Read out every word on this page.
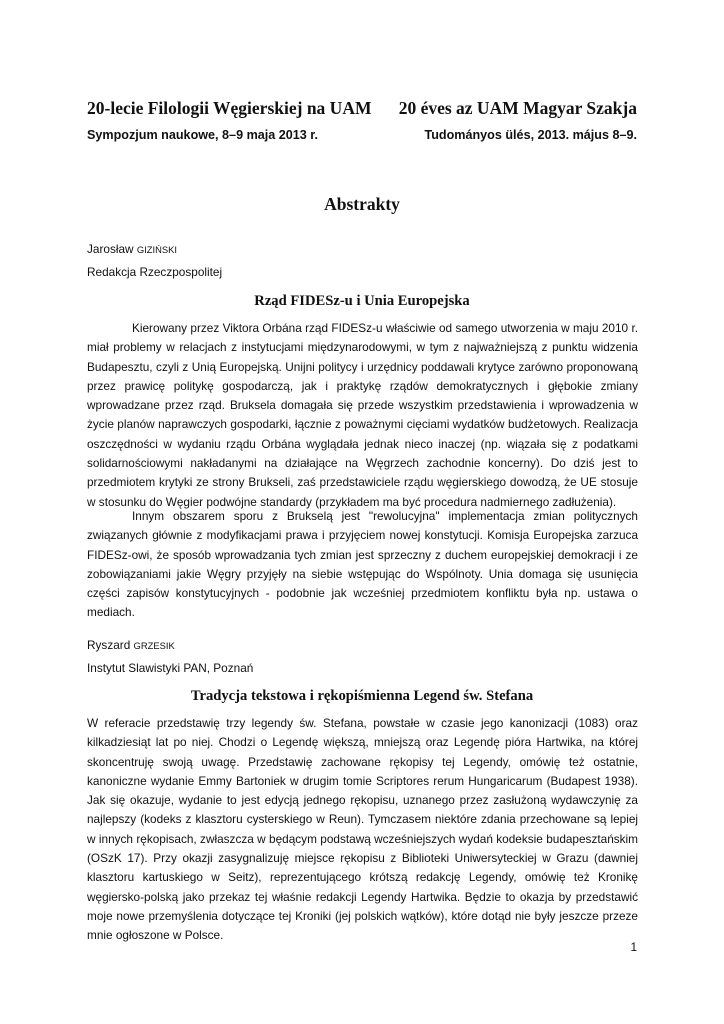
20-lecie Filologii Węgierskiej na UAM 20 éves az UAM Magyar Szakja
Sympozjum naukowe, 8–9 maja 2013 r.	Tudományos ülés, 2013. május 8–9.
Abstrakty
Jarosław GIZIŃSKI
Redakcja Rzeczpospolitej
Rząd FIDESz-u i Unia Europejska

Kierowany przez Viktora Orbána rząd FIDESz-u właściwie od samego utworzenia w maju 2010 r. miał problemy w relacjach z instytucjami międzynarodowymi, w tym z najważniejszą z punktu widzenia Budapesztu, czyli z Unią Europejską. Unijni politycy i urzędnicy poddawali krytyce zarówno proponowaną przez prawicę politykę gospodarczą, jak i praktykę rządów demokratycznych i głębokie zmiany wprowadzane przez rząd. Bruksela domagała się przede wszystkim przedstawienia i wprowadzenia w życie planów naprawczych gospodarki, łącznie z poważnymi cięciami wydatków budżetowych. Realizacja oszczędności w wydaniu rządu Orbána wyglądała jednak nieco inaczej (np. wiązała się z podatkami solidarnościowymi nakładanymi na działające na Węgrzech zachodnie koncerny). Do dziś jest to przedmiotem krytyki ze strony Brukseli, zaś przedstawiciele rządu węgierskiego dowodzą, że UE stosuje w stosunku do Węgier podwójne standardy (przykładem ma być procedura nadmiernego zadłużenia).

Innym obszarem sporu z Brukselą jest "rewolucyjna" implementacja zmian politycznych związanych głównie z modyfikacjami prawa i przyjęciem nowej konstytucji. Komisja Europejska zarzuca FIDESz-owi, że sposób wprowadzania tych zmian jest sprzeczny z duchem europejskiej demokracji i ze zobowiązaniami jakie Węgry przyjęły na siebie wstępując do Wspólnoty. Unia domaga się usunięcia części zapisów konstytucyjnych - podobnie jak wcześniej przedmiotem konfliktu była np. ustawa o mediach.

Ryszard GRZESIK
Instytut Slawistyki PAN, Poznań
Tradycja tekstowa i rękopiśmienna Legend św. Stefana

W referacie przedstawię trzy legendy św. Stefana, powstałe w czasie jego kanonizacji (1083) oraz kilkadziesiąt lat po niej. Chodzi o Legendę większą, mniejszą oraz Legendę pióra Hartwika, na której skoncentruję swoją uwagę. Przedstawię zachowane rękopisy tej Legendy, omówię też ostatnie, kanoniczne wydanie Emmy Bartoniek w drugim tomie Scriptores rerum Hungaricarum (Budapest 1938). Jak się okazuje, wydanie to jest edycją jednego rękopisu, uznanego przez zasłużoną wydawczynię za najlepszy (kodeks z klasztoru cysterskiego w Reun). Tymczasem niektóre zdania przechowane są lepiej w innych rękopisach, zwłaszcza w będącym podstawą wcześniejszych wydań kodeksie budapesztańskim (OSzK 17). Przy okazji zasygnalizuję miejsce rękopisu z Biblioteki Uniwersyteckiej w Grazu (dawniej klasztoru kartuskiego w Seitz), reprezentującego krótszą redakcję Legendy, omówię też Kronikę węgiersko-polską jako przekaz tej właśnie redakcji Legendy Hartwika. Będzie to okazja by przedstawić moje nowe przemyślenia dotyczące tej Kroniki (jej polskich wątków), które dotąd nie były jeszcze przeze mnie ogłoszone w Polsce.

1
